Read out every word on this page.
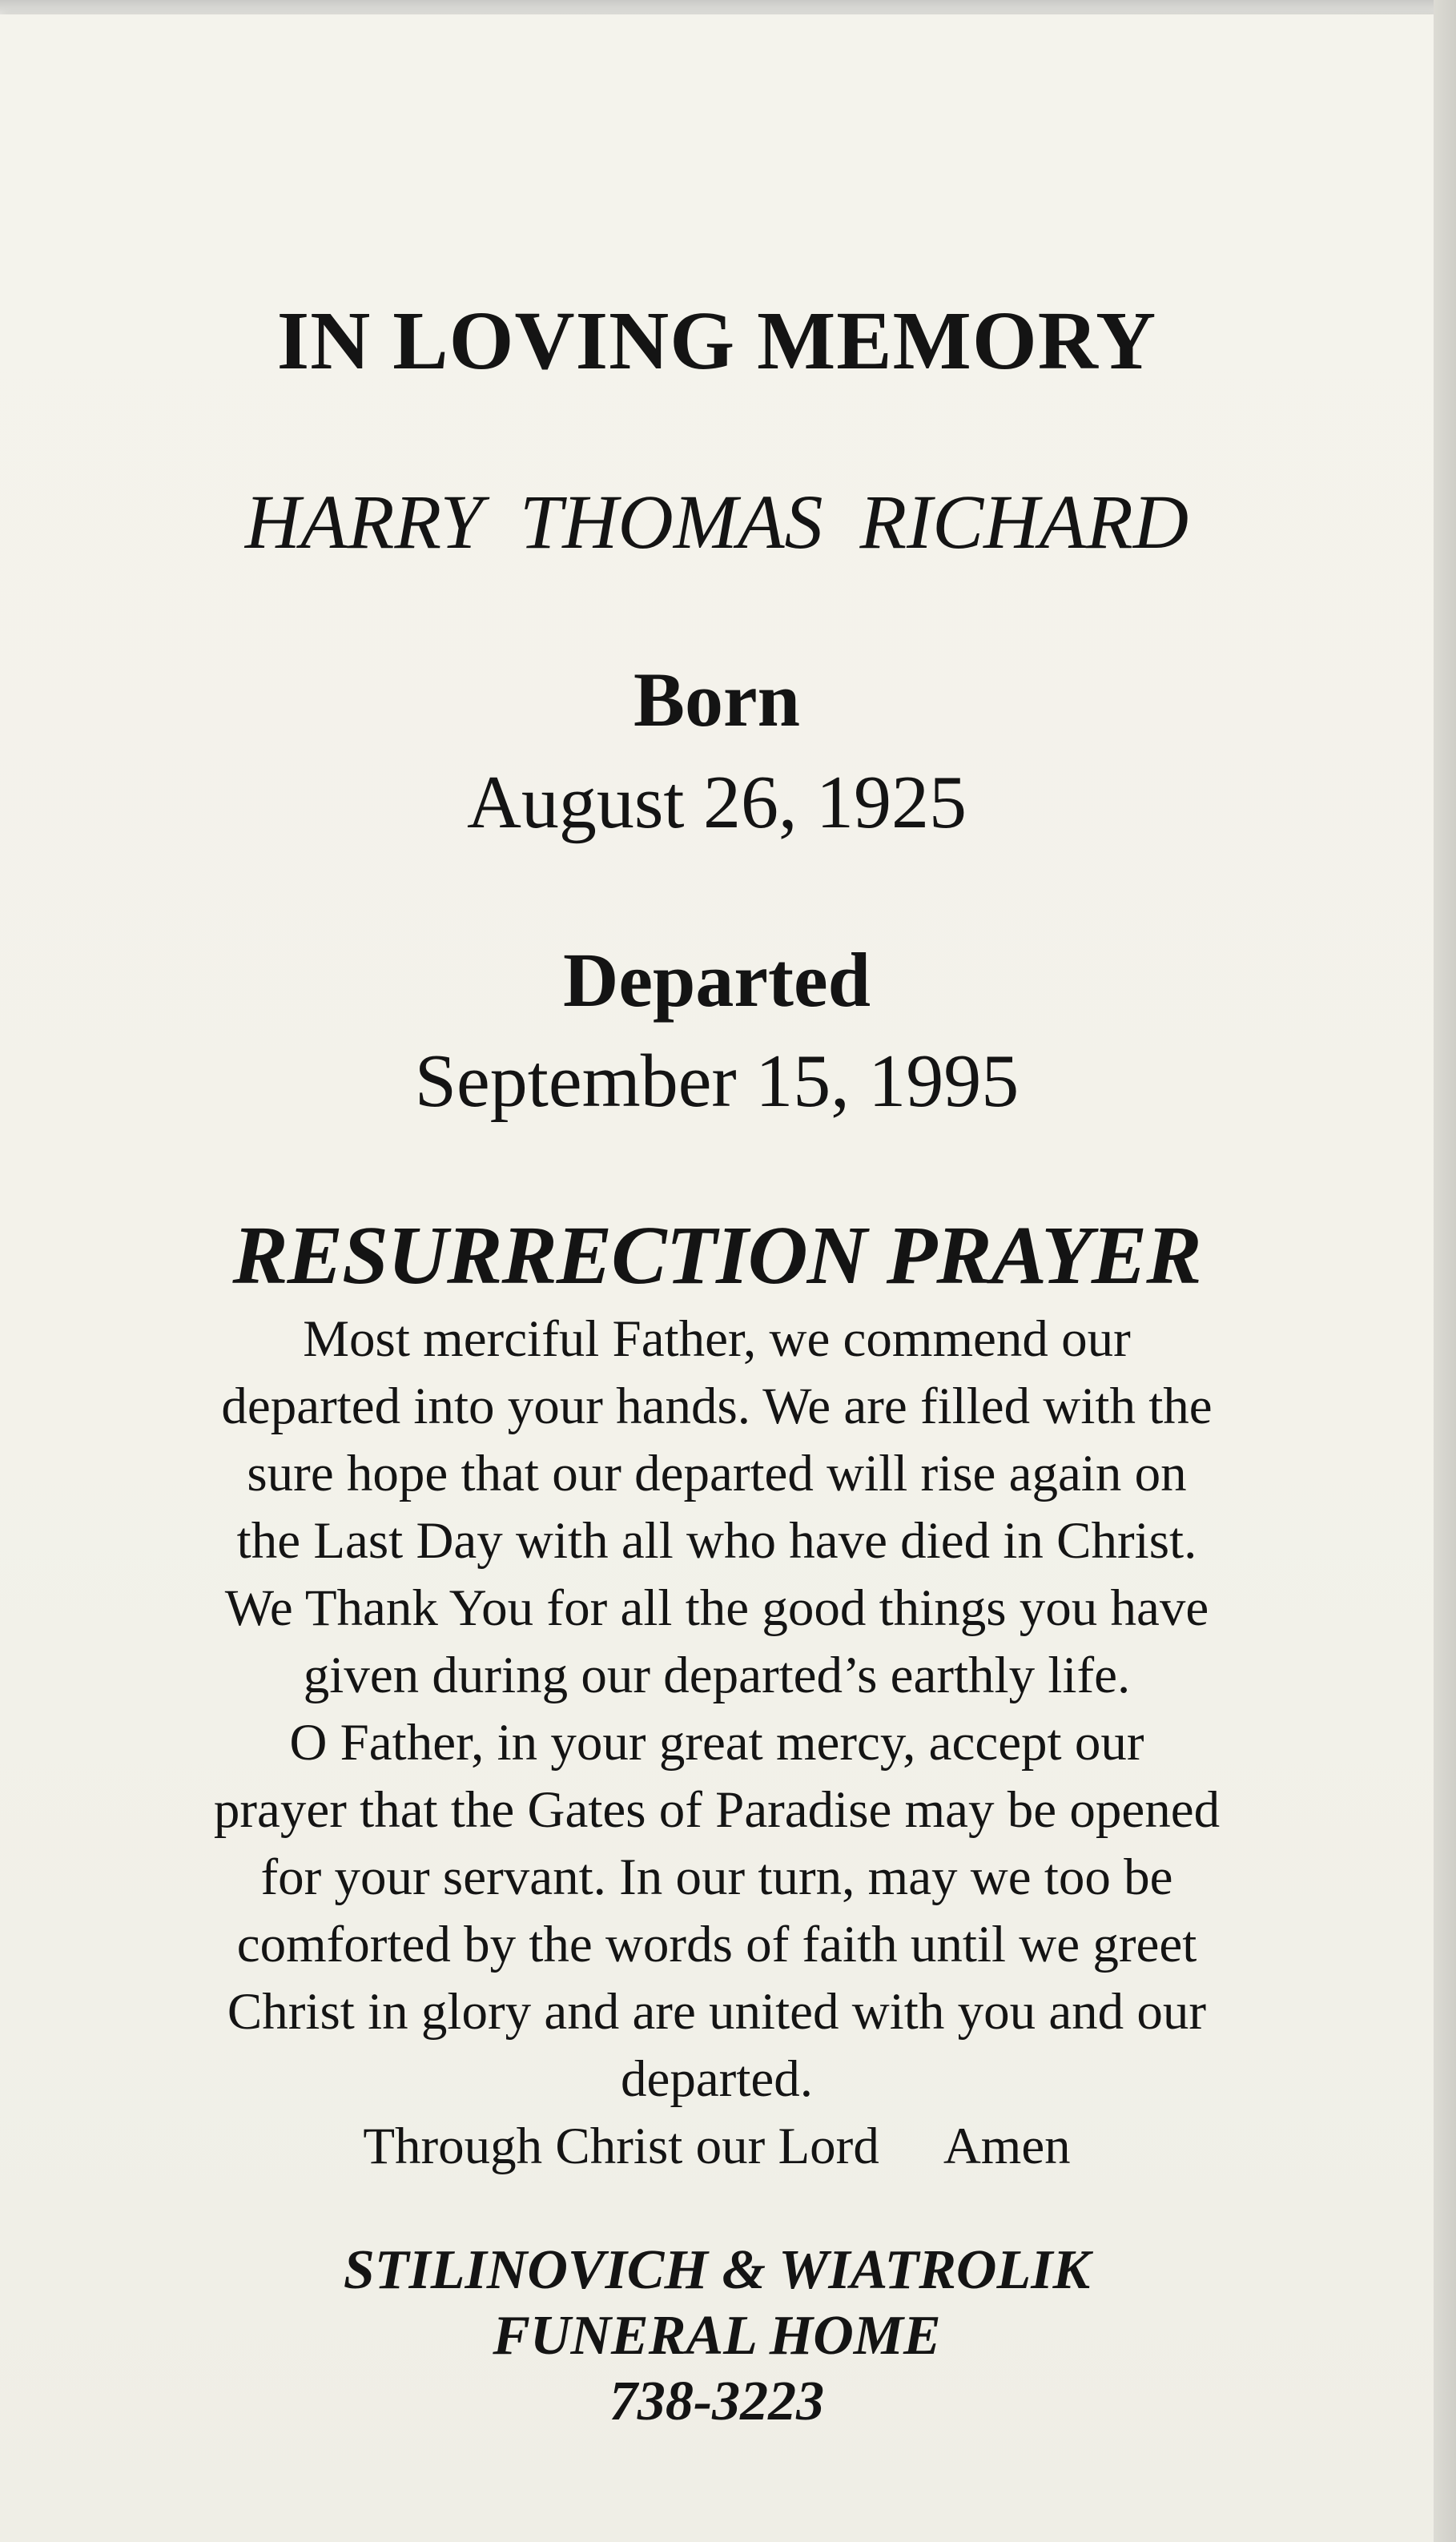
IN LOVING MEMORY
HARRY THOMAS RICHARD
Born
August 26, 1925
Departed
September 15, 1995
RESURRECTION PRAYER
Most merciful Father, we commend our
departed into your hands. We are filled with the
sure hope that our departed will rise again on
the Last Day with all who have died in Christ.
We Thank You for all the good things you have
given during our departed’s earthly life.
O Father, in your great mercy, accept our
prayer that the Gates of Paradise may be opened
for your servant. In our turn, may we too be
comforted by the words of faith until we greet
Christ in glory and are united with you and our
departed.
Through Christ our Lord Amen
STILINOVICH & WIATROLIK
FUNERAL HOME
738-3223
